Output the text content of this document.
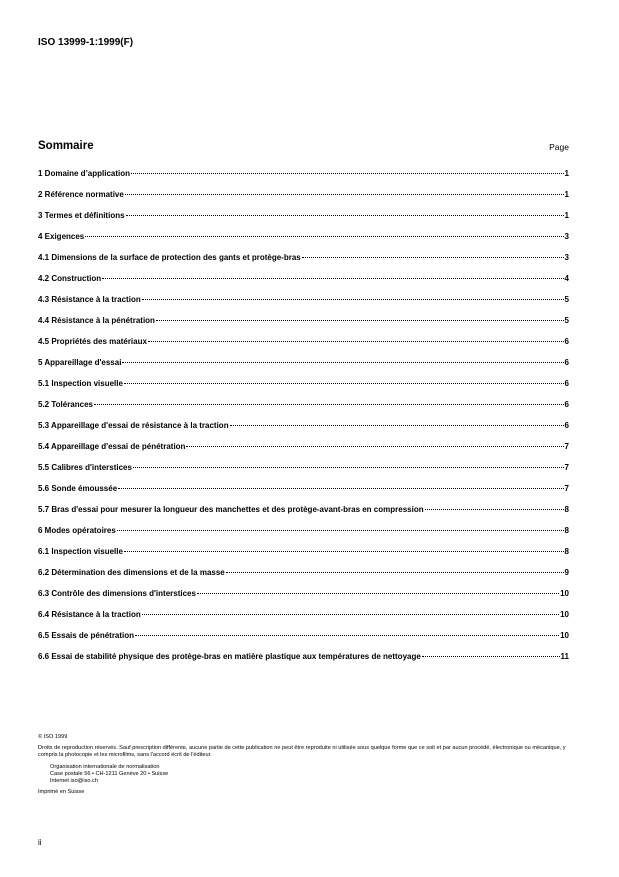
ISO 13999-1:1999(F)
Sommaire	Page
1 Domaine d’application	1
2 Référence normative	1
3 Termes et définitions	1
4 Exigences	3
4.1 Dimensions de la surface de protection des gants et protège-bras	3
4.2 Construction	4
4.3 Résistance à la traction	5
4.4 Résistance à la pénétration	5
4.5 Propriétés des matériaux	6
5 Appareillage d'essai	6
5.1 Inspection visuelle	6
5.2 Tolérances	6
5.3 Appareillage d'essai de résistance à la traction	6
5.4 Appareillage d'essai de pénétration	7
5.5 Calibres d'interstices	7
5.6 Sonde émoussée	7
5.7 Bras d'essai pour mesurer la longueur des manchettes et des protège-avant-bras en compression	8
6 Modes opératoires	8
6.1 Inspection visuelle	8
6.2 Détermination des dimensions et de la masse	9
6.3 Contrôle des dimensions d'interstices	10
6.4 Résistance à la traction	10
6.5 Essais de pénétration	10
6.6 Essai de stabilité physique des protège-bras en matière plastique aux températures de nettoyage	11

© ISO 1999

Droits de reproduction réservés. Sauf prescription différente, aucune partie de cette publication ne peut être reproduite ni utilisée sous quelque forme que ce soit et par aucun procédé, électronique ou mécanique, y compris la photocopie et les microfilms, sans l'accord écrit de l'éditeur.

Organisation internationale de normalisation

Case postale 56 • CH-1211 Genève 20 • Suisse

Internet iso@iso.ch

Imprimé en Suisse

ii
